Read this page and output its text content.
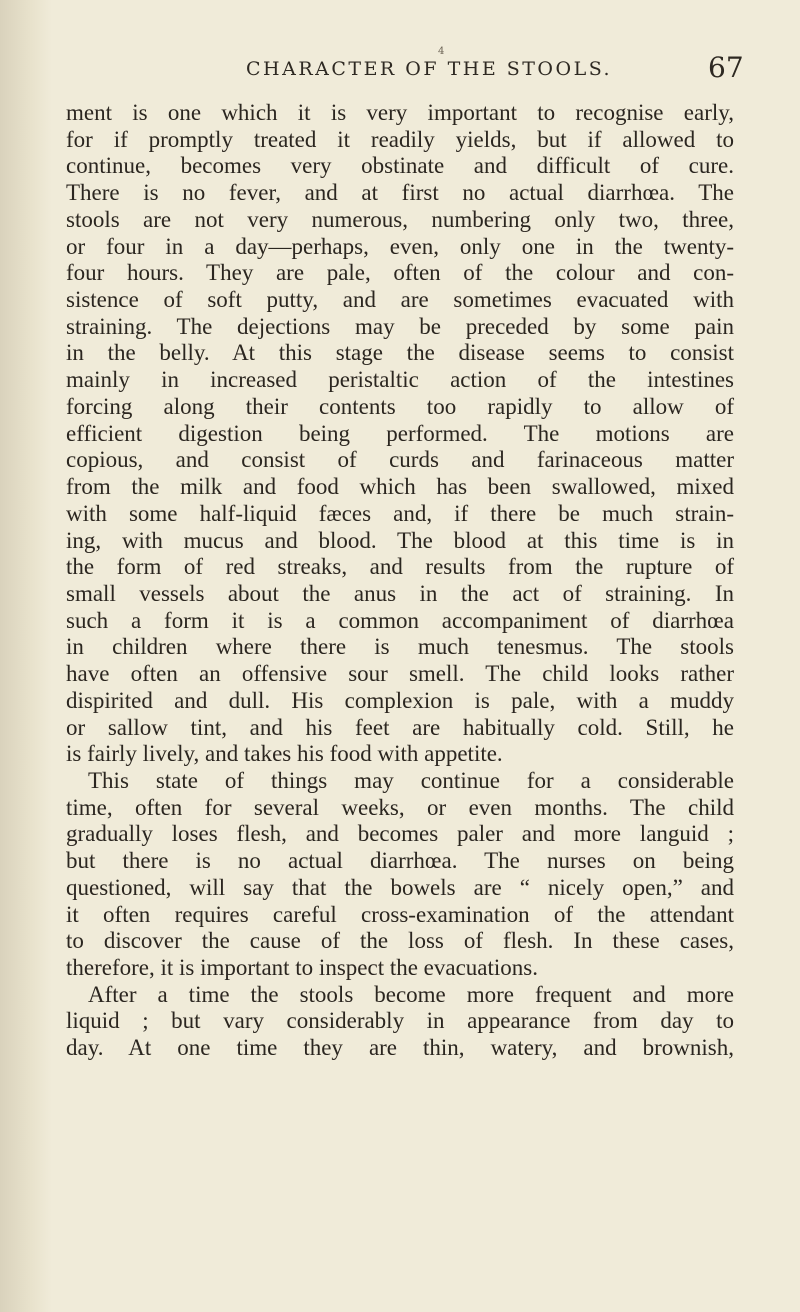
4
CHARACTER OF THE STOOLS.	67
ment is one which it is very important to recognise early,
for if promptly treated it readily yields, but if allowed to
continue, becomes very obstinate and difficult of cure.
There is no fever, and at first no actual diarrhœa. The
stools are not very numerous, numbering only two, three,
or four in a day—perhaps, even, only one in the twenty-
four hours. They are pale, often of the colour and con-
sistence of soft putty, and are sometimes evacuated with
straining. The dejections may be preceded by some pain
in the belly. At this stage the disease seems to consist
mainly in increased peristaltic action of the intestines
forcing along their contents too rapidly to allow of
efficient digestion being performed. The motions are
copious, and consist of curds and farinaceous matter
from the milk and food which has been swallowed, mixed
with some half-liquid fæces and, if there be much strain-
ing, with mucus and blood. The blood at this time is in
the form of red streaks, and results from the rupture of
small vessels about the anus in the act of straining. In
such a form it is a common accompaniment of diarrhœa
in children where there is much tenesmus. The stools
have often an offensive sour smell. The child looks rather
dispirited and dull. His complexion is pale, with a muddy
or sallow tint, and his feet are habitually cold. Still, he
is fairly lively, and takes his food with appetite.
This state of things may continue for a considerable
time, often for several weeks, or even months. The child
gradually loses flesh, and becomes paler and more languid ;
but there is no actual diarrhœa. The nurses on being
questioned, will say that the bowels are “ nicely open,” and
it often requires careful cross-examination of the attendant
to discover the cause of the loss of flesh. In these cases,
therefore, it is important to inspect the evacuations.
After a time the stools become more frequent and more
liquid ; but vary considerably in appearance from day to
day. At one time they are thin, watery, and brownish,
